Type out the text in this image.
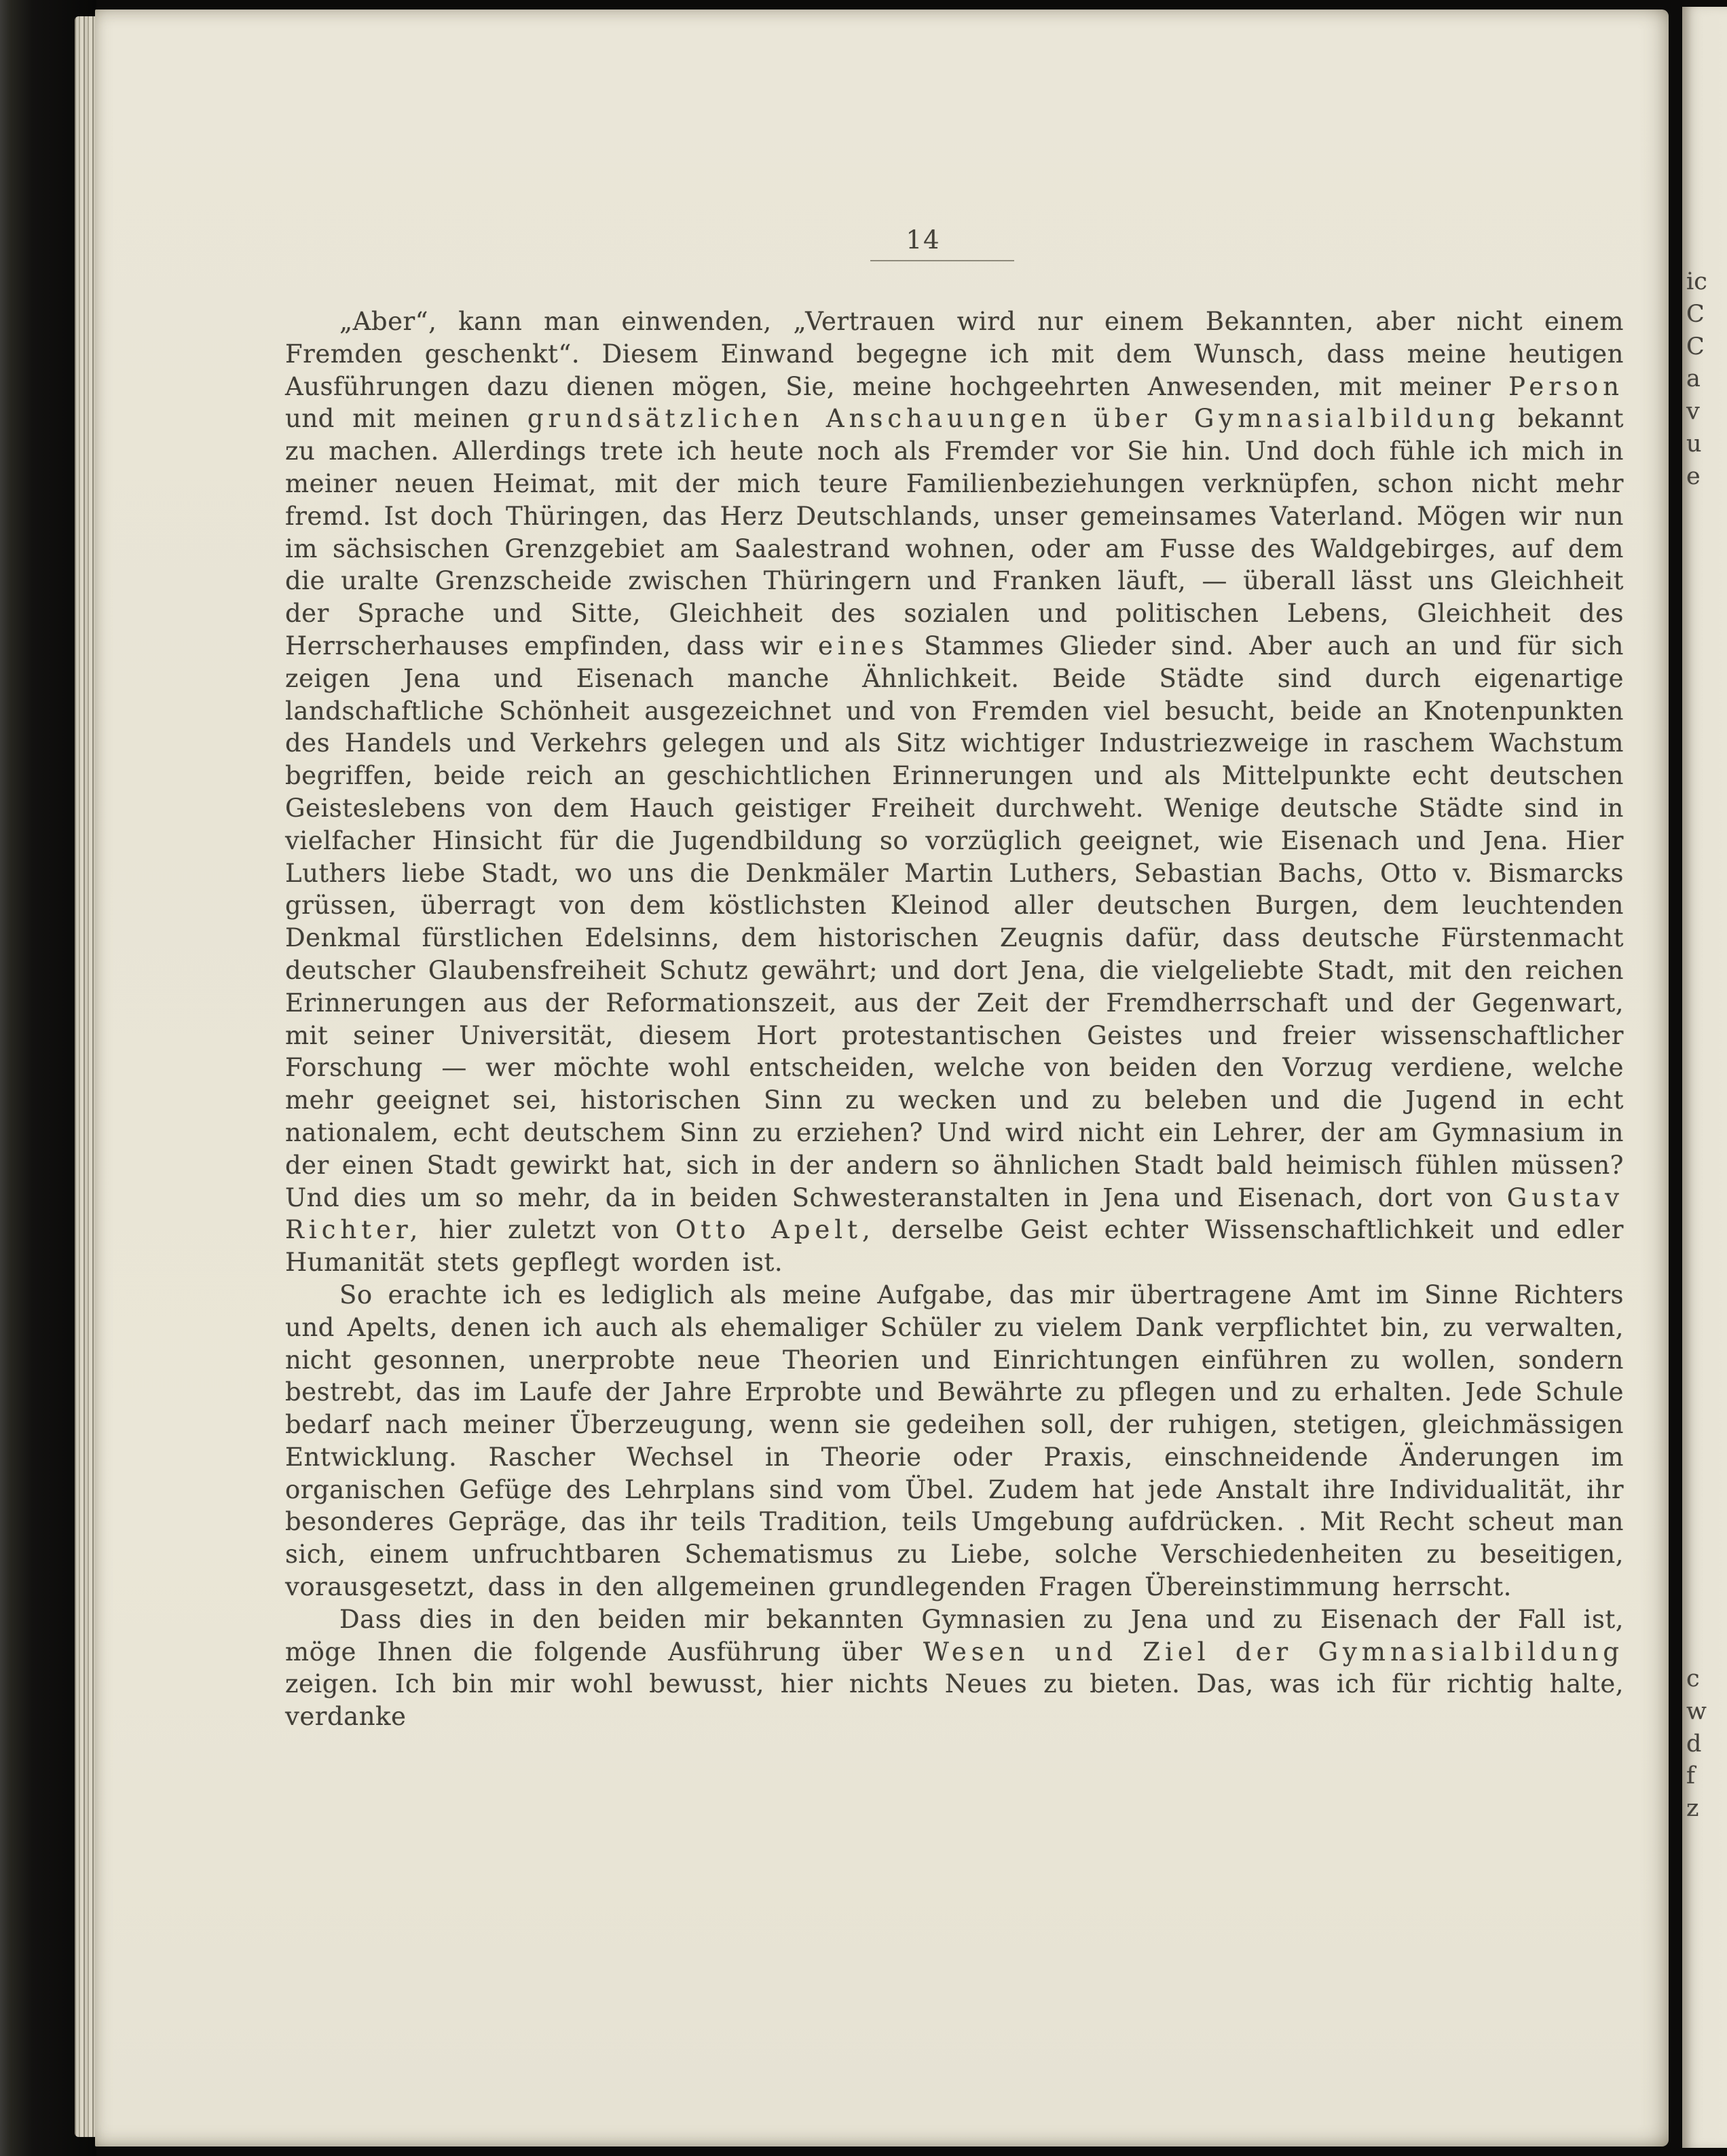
14

„Aber“, kann man einwenden, „Vertrauen wird nur einem Bekannten, aber nicht einem Fremden geschenkt“. Diesem Einwand begegne ich mit dem Wunsch, dass meine heutigen Ausführungen dazu dienen mögen, Sie, meine hochgeehrten Anwesenden, mit meiner Person und mit meinen grundsätzlichen Anschauungen über Gymnasialbildung bekannt zu machen. Allerdings trete ich heute noch als Fremder vor Sie hin. Und doch fühle ich mich in meiner neuen Heimat, mit der mich teure Familienbeziehungen verknüpfen, schon nicht mehr fremd. Ist doch Thüringen, das Herz Deutschlands, unser gemeinsames Vaterland. Mögen wir nun im sächsischen Grenzgebiet am Saalestrand wohnen, oder am Fusse des Waldgebirges, auf dem die uralte Grenzscheide zwischen Thüringern und Franken läuft, — überall lässt uns Gleichheit der Sprache und Sitte, Gleichheit des sozialen und politischen Lebens, Gleichheit des Herrscherhauses empfinden, dass wir eines Stammes Glieder sind. Aber auch an und für sich zeigen Jena und Eisenach manche Ähnlichkeit. Beide Städte sind durch eigenartige landschaftliche Schönheit ausgezeichnet und von Fremden viel besucht, beide an Knotenpunkten des Handels und Verkehrs gelegen und als Sitz wichtiger Industriezweige in raschem Wachstum begriffen, beide reich an geschichtlichen Erinnerungen und als Mittelpunkte echt deutschen Geisteslebens von dem Hauch geistiger Freiheit durchweht. Wenige deutsche Städte sind in vielfacher Hinsicht für die Jugendbildung so vorzüglich geeignet, wie Eisenach und Jena. Hier Luthers liebe Stadt, wo uns die Denkmäler Martin Luthers, Sebastian Bachs, Otto v. Bismarcks grüssen, überragt von dem köstlichsten Kleinod aller deutschen Burgen, dem leuchtenden Denkmal fürstlichen Edelsinns, dem historischen Zeugnis dafür, dass deutsche Fürstenmacht deutscher Glaubensfreiheit Schutz gewährt; und dort Jena, die vielgeliebte Stadt, mit den reichen Erinnerungen aus der Reformationszeit, aus der Zeit der Fremdherrschaft und der Gegenwart, mit seiner Universität, diesem Hort protestantischen Geistes und freier wissenschaftlicher Forschung — wer möchte wohl entscheiden, welche von beiden den Vorzug verdiene, welche mehr geeignet sei, historischen Sinn zu wecken und zu beleben und die Jugend in echt nationalem, echt deutschem Sinn zu erziehen? Und wird nicht ein Lehrer, der am Gymnasium in der einen Stadt gewirkt hat, sich in der andern so ähnlichen Stadt bald heimisch fühlen müssen? Und dies um so mehr, da in beiden Schwesteranstalten in Jena und Eisenach, dort von Gustav Richter, hier zuletzt von Otto Apelt, derselbe Geist echter Wissenschaftlichkeit und edler Humanität stets gepflegt worden ist.

So erachte ich es lediglich als meine Aufgabe, das mir übertragene Amt im Sinne Richters und Apelts, denen ich auch als ehemaliger Schüler zu vielem Dank verpflichtet bin, zu verwalten, nicht gesonnen, unerprobte neue Theorien und Einrichtungen einführen zu wollen, sondern bestrebt, das im Laufe der Jahre Erprobte und Bewährte zu pflegen und zu erhalten. Jede Schule bedarf nach meiner Überzeugung, wenn sie gedeihen soll, der ruhigen, stetigen, gleichmässigen Entwicklung. Rascher Wechsel in Theorie oder Praxis, einschneidende Änderungen im organischen Gefüge des Lehrplans sind vom Übel. Zudem hat jede Anstalt ihre Individualität, ihr besonderes Gepräge, das ihr teils Tradition, teils Umgebung aufdrücken. . Mit Recht scheut man sich, einem unfruchtbaren Schematismus zu Liebe, solche Verschiedenheiten zu beseitigen, vorausgesetzt, dass in den allgemeinen grundlegenden Fragen Übereinstimmung herrscht.

Dass dies in den beiden mir bekannten Gymnasien zu Jena und zu Eisenach der Fall ist, möge Ihnen die folgende Ausführung über Wesen und Ziel der Gymnasialbildung zeigen. Ich bin mir wohl bewusst, hier nichts Neues zu bieten. Das, was ich für richtig halte, verdanke

ic
C
C
a
v
u
e
c
w
d
f
z
